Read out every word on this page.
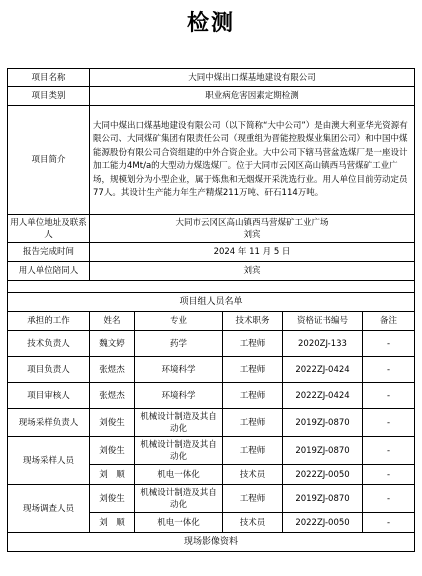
检测
项目名称	大同中煤出口煤基地建设有限公司				
项目类别	职业病危害因素定期检测				
项目简介	大同中煤出口煤基地建设有限公司（以下简称“大中公司”）是由澳大利亚华光资源有限公司、大同煤矿集团有限责任公司（现重组为晋能控股煤业集团公司）和中国中煤能源股份有限公司合资组建的中外合资企业。大中公司下辖马营盆选煤厂是一座设计加工能力4Mt/a的大型动力煤选煤厂。位于大同市云冈区高山镇西马营煤矿工业广场，规模划分为小型企业，属于炼焦和无烟煤开采洗选行业。用人单位目前劳动定员77人。其设计生产能力年生产精煤211万吨、矸石114万吨。				
用人单位地址及联系人	大同市云冈区高山镇西马营煤矿工业广场
刘宾				

报告完成时间	2024 年 11 月 5 日				
用人单位陪同人	刘宾				

项目组人员名单					
承担的工作	姓名	专业	技术职务	资格证书编号	备注
技术负责人	魏文婷	药学	工程师	2020ZJ-133	-
项目负责人	张煜杰	环境科学	工程师	2022ZJ-0424	-
项目审核人	张煜杰	环境科学	工程师	2022ZJ-0424	-
现场采样负责人	刘俊生	机械设计制造及其自动化	工程师	2019ZJ-0870	-
现场采样人员	刘俊生	机械设计制造及其自动化	工程师	2019ZJ-0870	-
	刘　顺	机电一体化	技术员	2022ZJ-0050	-
现场调查人员	刘俊生	机械设计制造及其自动化	工程师	2019ZJ-0870	-
	刘　顺	机电一体化	技术员	2022ZJ-0050	-
现场影像资料					
